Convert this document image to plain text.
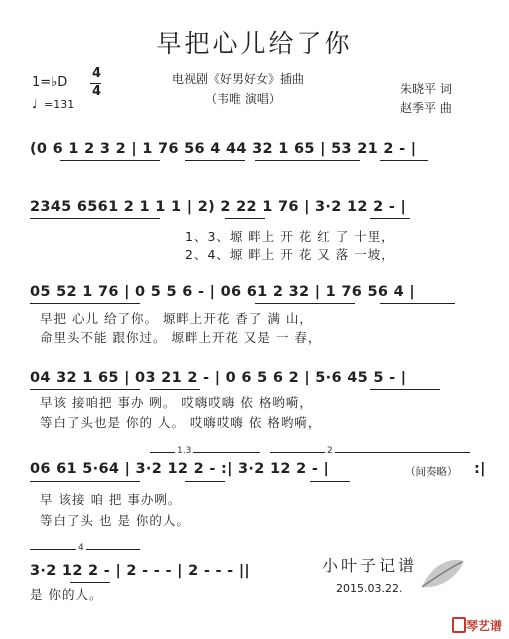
早把心儿给了你
1=♭D
4
4
♩ =131
电视剧《好男好女》插曲
（韦唯 演唱）
朱晓平 词
赵季平 曲
(0 6 1 2 3 2 | 1 76 56 4 44 32 1 65 | 53 21 2 - |
2345 6561 2 1 1 1 | 2) 2 22 1 76 | 3·2 12 2 - |
1、3、塬 畔上 开 花 红 了 十里，
2、4、塬 畔上 开 花 又 落 一坡，
05 52 1 76 | 0 5 5 6 - | 06 61 2 32 | 1 76 56 4 |
早把 心儿 给了你。 塬畔上开花 香了 满 山，
命里头不能 跟你过。 塬畔上开花 又是 一 春，
04 32 1 65 | 03 21 2 - | 0 6 5 6 2 | 5·6 45 5 - |
早该 接咱把 事办 咧。 哎嗨哎嗨 依 格哟嗬，
等白了头也是 你的 人。 哎嗨哎嗨 依 格哟嗬，
1.3	2
06 61 5·64 | 3·2 12 2 - :| 3·2 12 2 - |	（间奏略） :|
早 该接 咱 把 事办咧。
等白了头 也 是 你的人。
4
3·2 12 2 - | 2 - - - | 2 - - - ||
是 你的人。
小叶子记谱
2015.03.22.
琴艺谱
